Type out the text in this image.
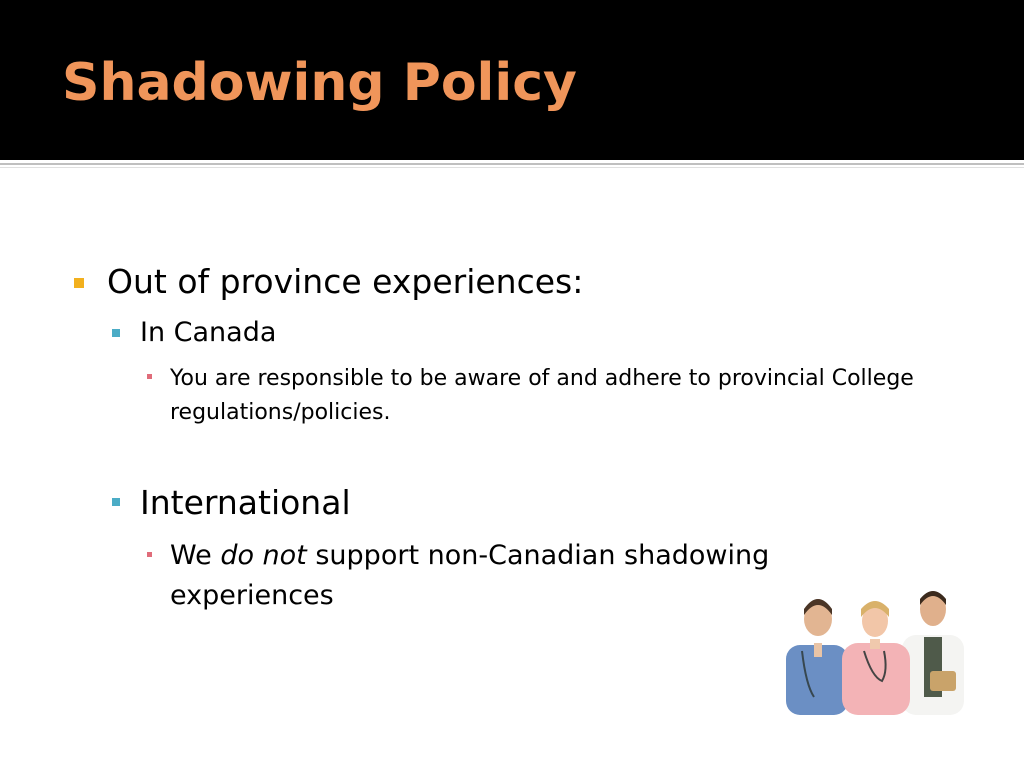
Shadowing Policy

Out of province experiences:

In Canada

You are responsible to be aware of and adhere to provincial College regulations/policies.

International

We do not support non-Canadian shadowing experiences
